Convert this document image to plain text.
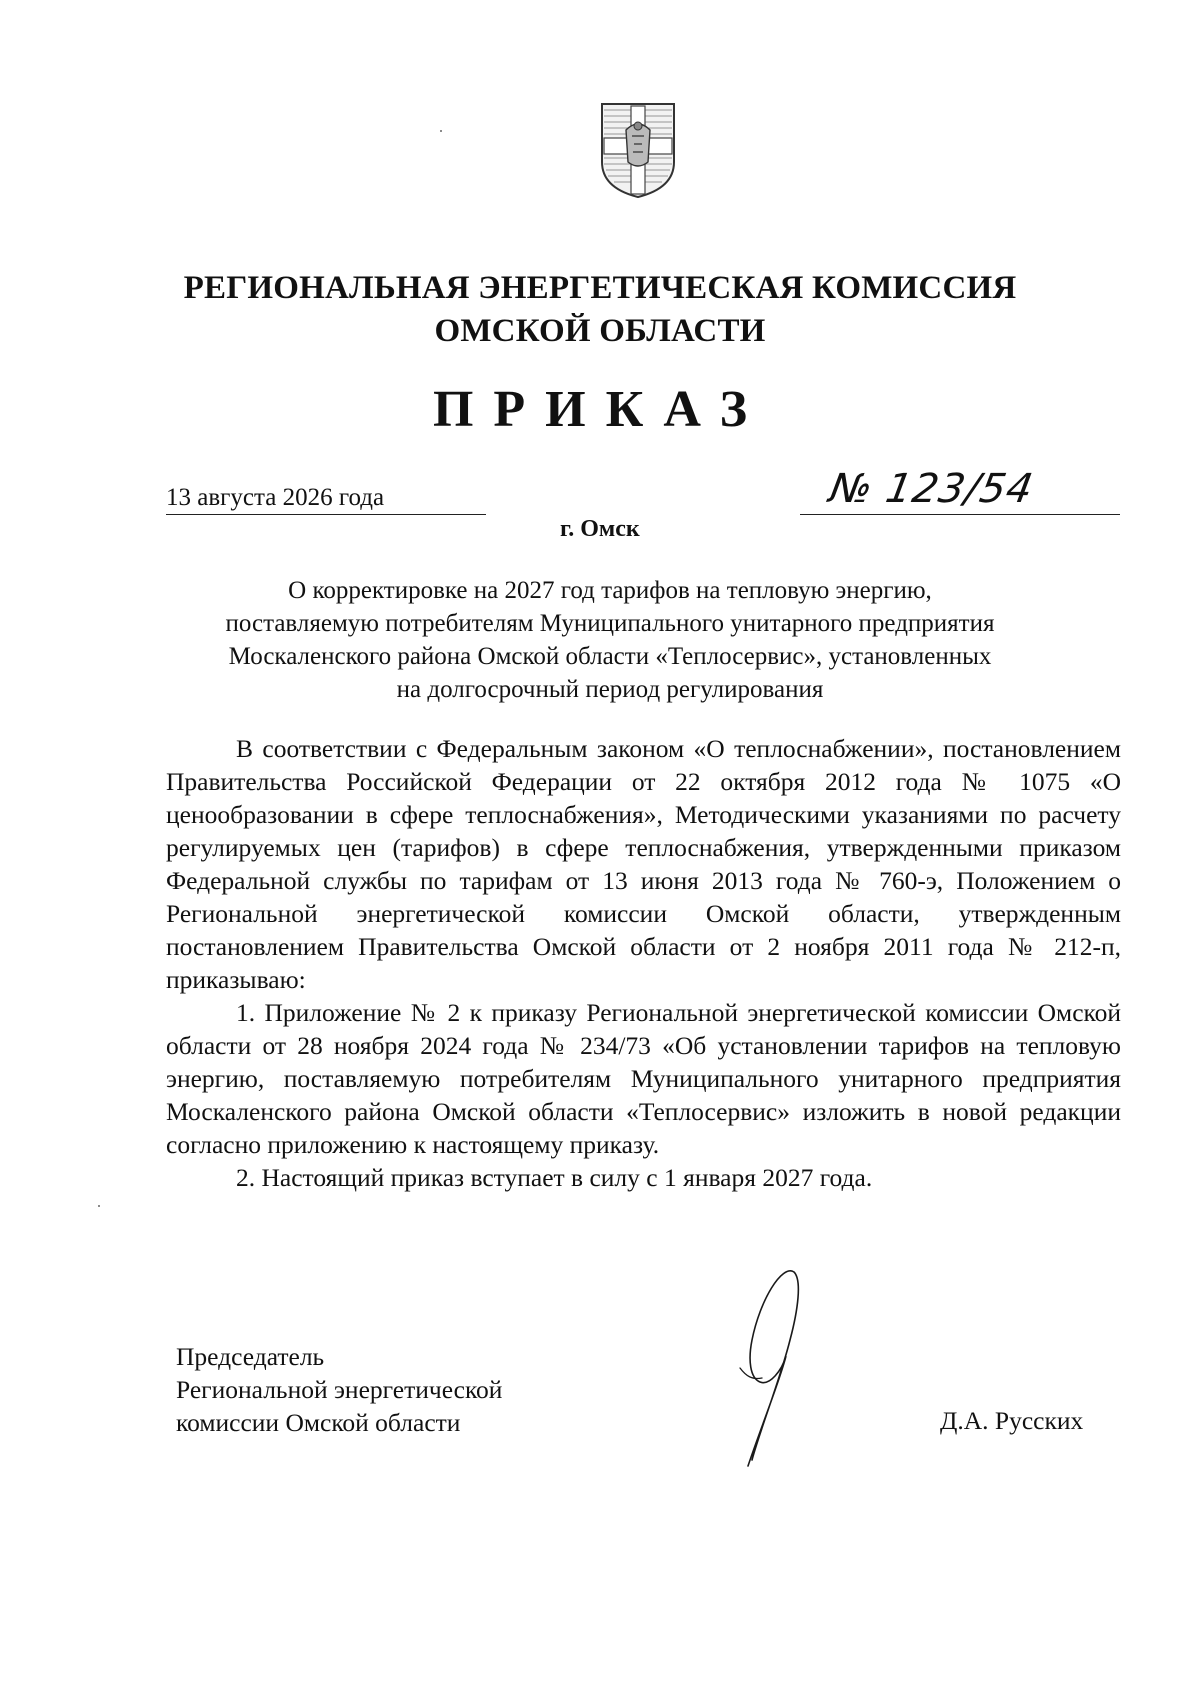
РЕГИОНАЛЬНАЯ ЭНЕРГЕТИЧЕСКАЯ КОМИССИЯ
ОМСКОЙ ОБЛАСТИ
ПРИКАЗ
13 августа 2026 года	№ 123/54
г. Омск
О корректировке на 2027 год тарифов на тепловую энергию,
поставляемую потребителям Муниципального унитарного предприятия
Москаленского района Омской области «Теплосервис», установленных
на долгосрочный период регулирования

В соответствии с Федеральным законом «О теплоснабжении», постановлением Правительства Российской Федерации от 22 октября 2012 года № 1075 «О ценообразовании в сфере теплоснабжения», Методическими указаниями по расчету регулируемых цен (тарифов) в сфере теплоснабжения, утвержденными приказом Федеральной службы по тарифам от 13 июня 2013 года № 760-э, Положением о Региональной энергетической комиссии Омской области, утвержденным постановлением Правительства Омской области от 2 ноября 2011 года № 212-п, приказываю:

1. Приложение № 2 к приказу Региональной энергетической комиссии Омской области от 28 ноября 2024 года № 234/73 «Об установлении тарифов на тепловую энергию, поставляемую потребителям Муниципального унитарного предприятия Москаленского района Омской области «Теплосервис» изложить в новой редакции согласно приложению к настоящему приказу.

2. Настоящий приказ вступает в силу с 1 января 2027 года.

Председатель
Региональной энергетической
комиссии Омской области	Д.А. Русских
